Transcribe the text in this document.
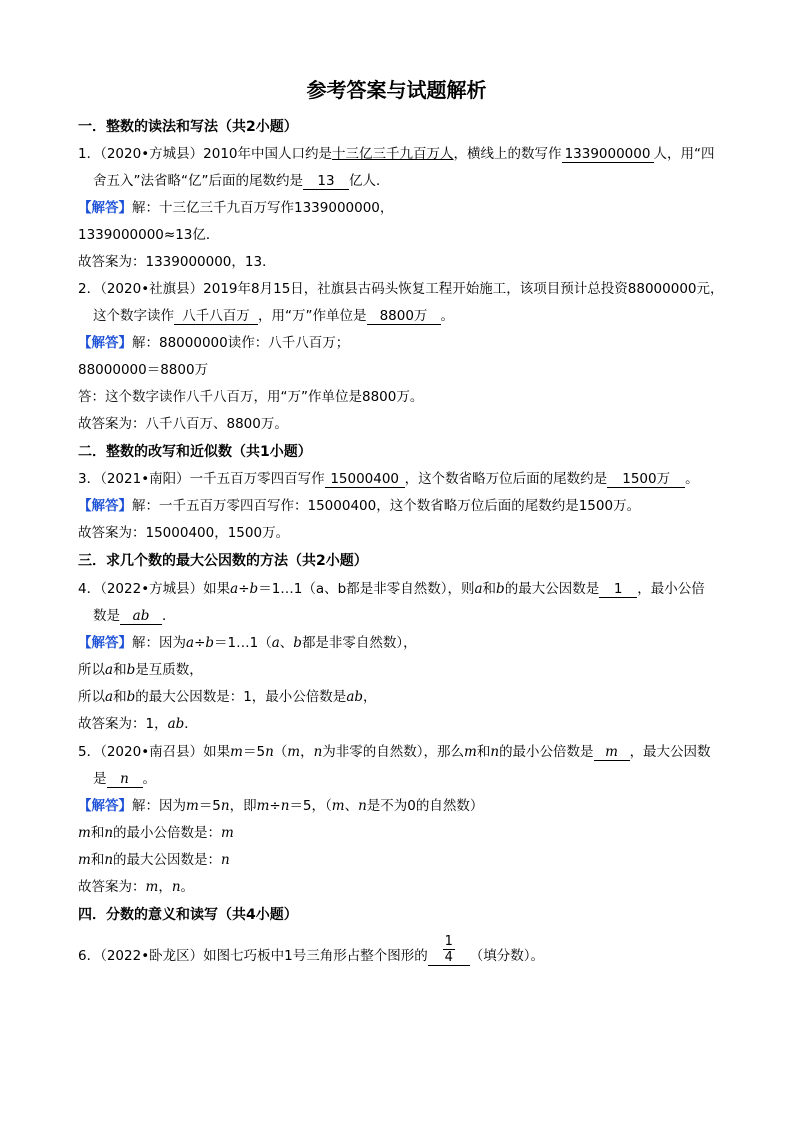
参考答案与试题解析
一．整数的读法和写法（共2小题）
1．（2020•方城县）2010年中国人口约是十三亿三千九百万人，横线上的数写作 1339000000 人，用“四
舍五入”法省略“亿”后面的尾数约是 13 亿人．
【解答】解：十三亿三千九百万写作1339000000，
1339000000≈13亿．
故答案为：1339000000，13．
2．（2020•社旗县）2019年8月15日，社旗县古码头恢复工程开始施工，该项目预计总投资88000000元，
这个数字读作 八千八百万 ，用“万”作单位是 8800万 。
【解答】解：88000000读作：八千八百万；
88000000＝8800万
答：这个数字读作八千八百万，用“万”作单位是8800万。
故答案为：八千八百万、8800万。
二．整数的改写和近似数（共1小题）
3．（2021•南阳）一千五百万零四百写作 15000400 ，这个数省略万位后面的尾数约是 1500万 。
【解答】解：一千五百万零四百写作：15000400，这个数省略万位后面的尾数约是1500万。
故答案为：15000400，1500万。
三．求几个数的最大公因数的方法（共2小题）
4．（2022•方城县）如果a÷b＝1…1（a、b都是非零自然数），则a和b的最大公因数是 1 ，最小公倍
数是 ab ．
【解答】解：因为a÷b＝1…1（a、b都是非零自然数），
所以a和b是互质数，
所以a和b的最大公因数是：1，最小公倍数是ab，
故答案为：1，ab．
5．（2020•南召县）如果m＝5n（m，n为非零的自然数），那么m和n的最小公倍数是 m ，最大公因数
是 n 。
【解答】解：因为m＝5n，即m÷n＝5，（m、n是不为0的自然数）
m和n的最小公倍数是：m
m和n的最大公因数是：n
故答案为：m，n。
四．分数的意义和读写（共4小题）
6．（2022•卧龙区）如图七巧板中1号三角形占整个图形的 $\frac{1}{4}$ （填分数）。
